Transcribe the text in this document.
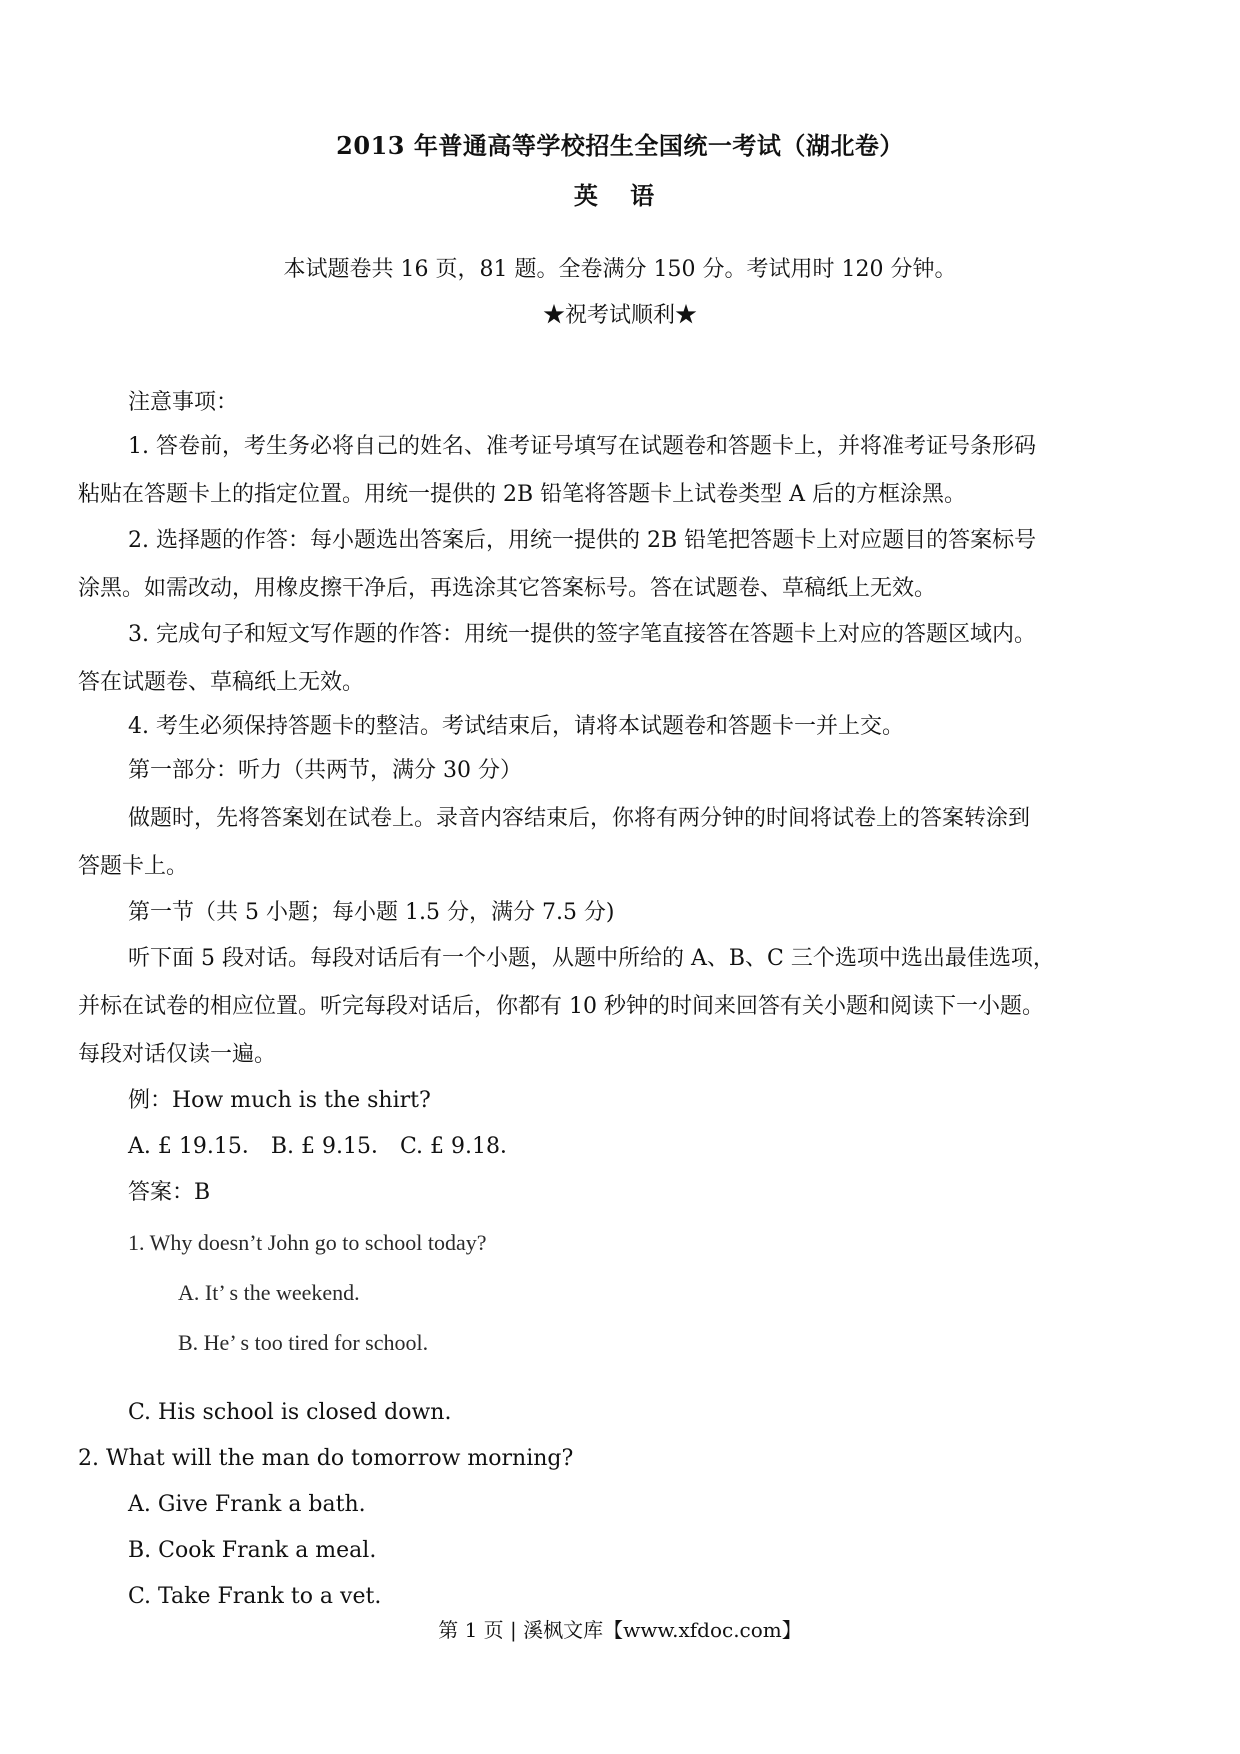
2013 年普通高等学校招生全国统一考试（湖北卷）
英 语
本试题卷共 16 页，81 题。全卷满分 150 分。考试用时 120 分钟。
★祝考试顺利★
注意事项：
1. 答卷前，考生务必将自己的姓名、准考证号填写在试题卷和答题卡上，并将准考证号条形码
粘贴在答题卡上的指定位置。用统一提供的 2B 铅笔将答题卡上试卷类型 A 后的方框涂黑。
2. 选择题的作答：每小题选出答案后，用统一提供的 2B 铅笔把答题卡上对应题目的答案标号
涂黑。如需改动，用橡皮擦干净后，再选涂其它答案标号。答在试题卷、草稿纸上无效。
3. 完成句子和短文写作题的作答：用统一提供的签字笔直接答在答题卡上对应的答题区域内。
答在试题卷、草稿纸上无效。
4. 考生必须保持答题卡的整洁。考试结束后，请将本试题卷和答题卡一并上交。
第一部分：听力（共两节，满分 30 分）
做题时，先将答案划在试卷上。录音内容结束后，你将有两分钟的时间将试卷上的答案转涂到
答题卡上。
第一节（共 5 小题；每小题 1.5 分，满分 7.5 分)
听下面 5 段对话。每段对话后有一个小题，从题中所给的 A、B、C 三个选项中选出最佳选项，
并标在试卷的相应位置。听完每段对话后，你都有 10 秒钟的时间来回答有关小题和阅读下一小题。
每段对话仅读一遍。
例：How much is the shirt?
A. £ 19.15． B. £ 9.15． C. £ 9.18．
答案：B
1. Why doesn’t John go to school today?
A. It’ s the weekend.
B. He’ s too tired for school.
C. His school is closed down.
2. What will the man do tomorrow morning?
A. Give Frank a bath.
B. Cook Frank a meal.
C. Take Frank to a vet.
第 1 页 | 溪枫文库【www.xfdoc.com】
